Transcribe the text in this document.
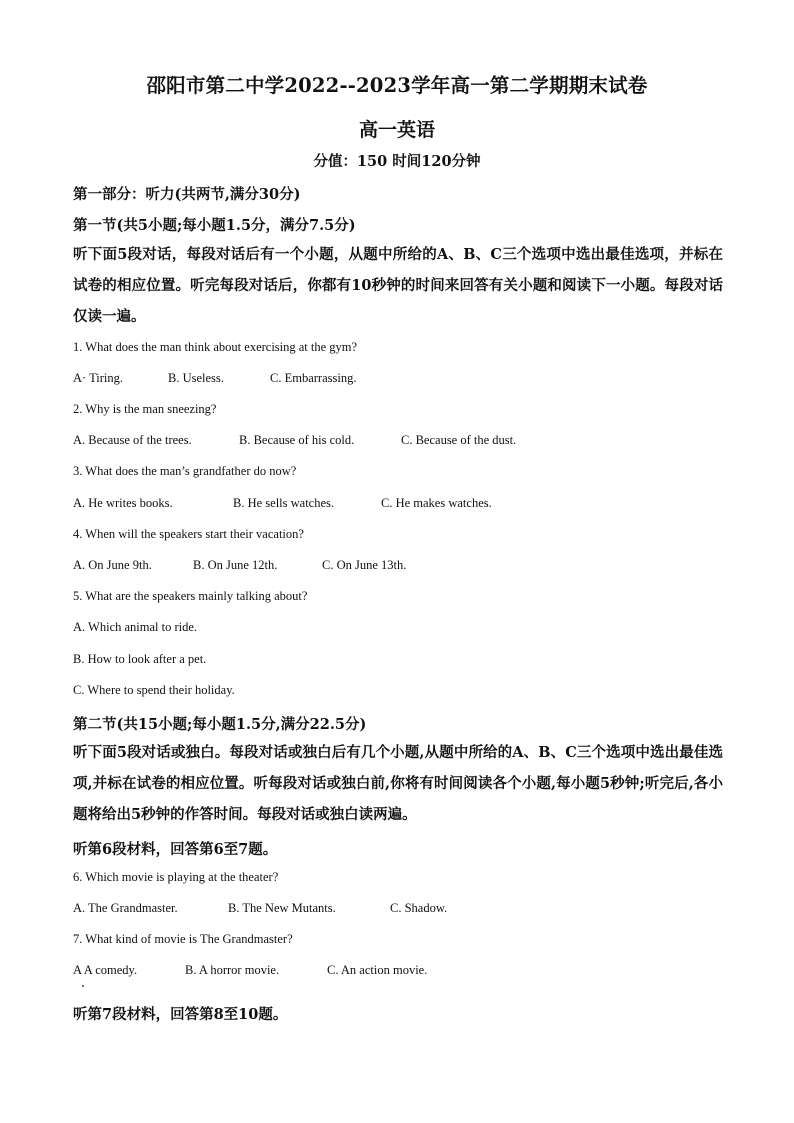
邵阳市第二中学2022--2023学年高一第二学期期末试卷
高一英语
分值：150 时间120分钟
第一部分：听力(共两节,满分30分)
第一节(共5小题;每小题1.5分，满分7.5分)
听下面5段对话，每段对话后有一个小题，从题中所给的A、B、C三个选项中选出最佳选项，并标在试卷的相应位置。听完每段对话后，你都有10秒钟的时间来回答有关小题和阅读下一小题。每段对话仅读一遍。
1. What does the man think about exercising at the gym?
A· Tiring.	B. Useless.	C. Embarrassing.
2. Why is the man sneezing?
A. Because of the trees.	B. Because of his cold.	C. Because of the dust.
3. What does the man’s grandfather do now?
A. He writes books.	B. He sells watches.	C. He makes watches.
4. When will the speakers start their vacation?
A. On June 9th.	B. On June 12th.	C. On June 13th.
5. What are the speakers mainly talking about?
A. Which animal to ride.
B. How to look after a pet.
C. Where to spend their holiday.
第二节(共15小题;每小题1.5分,满分22.5分)
听下面5段对话或独白。每段对话或独白后有几个小题,从题中所给的A、B、C三个选项中选出最佳选项,并标在试卷的相应位置。听每段对话或独白前,你将有时间阅读各个小题,每小题5秒钟;听完后,各小题将给出5秒钟的作答时间。每段对话或独白读两遍。
听第6段材料，回答第6至7题。
6. Which movie is playing at the theater?
A. The Grandmaster.	B. The New Mutants.	C. Shadow.
7. What kind of movie is The Grandmaster?
A A comedy.	B. A horror movie.	C. An action movie.
听第7段材料，回答第8至10题。
